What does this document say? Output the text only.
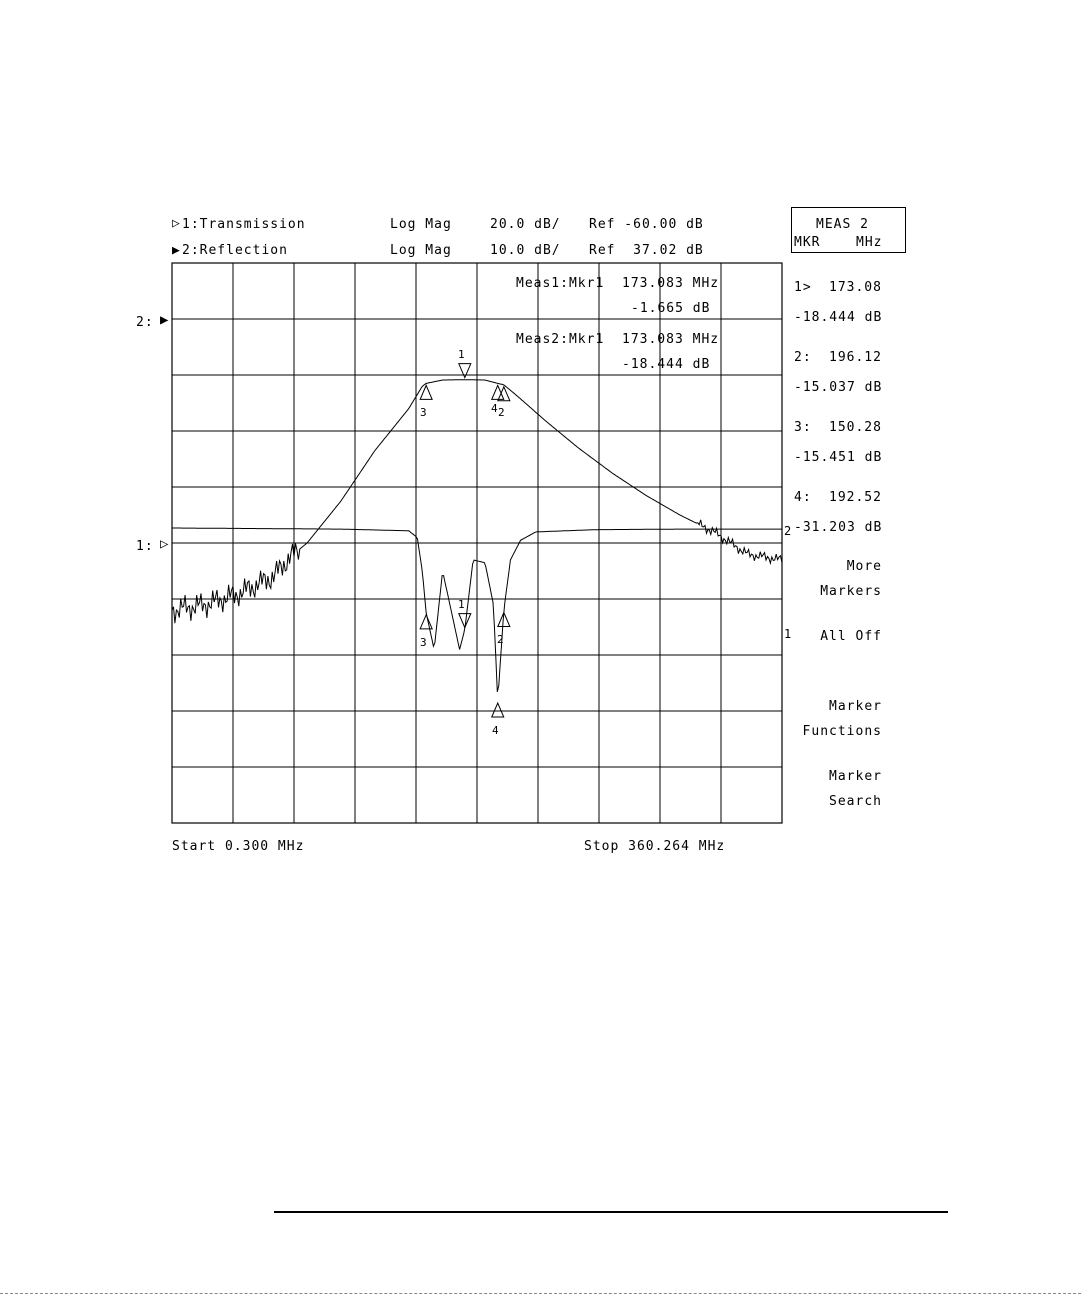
▷ 1:Transmission	Log Mag	20.0 dB/ Ref -60.00 dB
▶ 2:Reflection	Log Mag	10.0 dB/ Ref  37.02 dB
2: ▶
1: ▷
Meas1:Mkr1 173.083 MHz
-1.665 dB
Meas2:Mkr1 173.083 MHz
-18.444 dB
2
1
1
2
3	4
1
2
3
4
Start 0.300 MHz	Stop 360.264 MHz
MEAS 2
MKR	MHz
1> 173.08
-18.444 dB
2: 196.12
-15.037 dB
3: 150.28
-15.451 dB
4: 192.52
-31.203 dB
More
Markers
All Off
Marker
Functions
Marker
Search
